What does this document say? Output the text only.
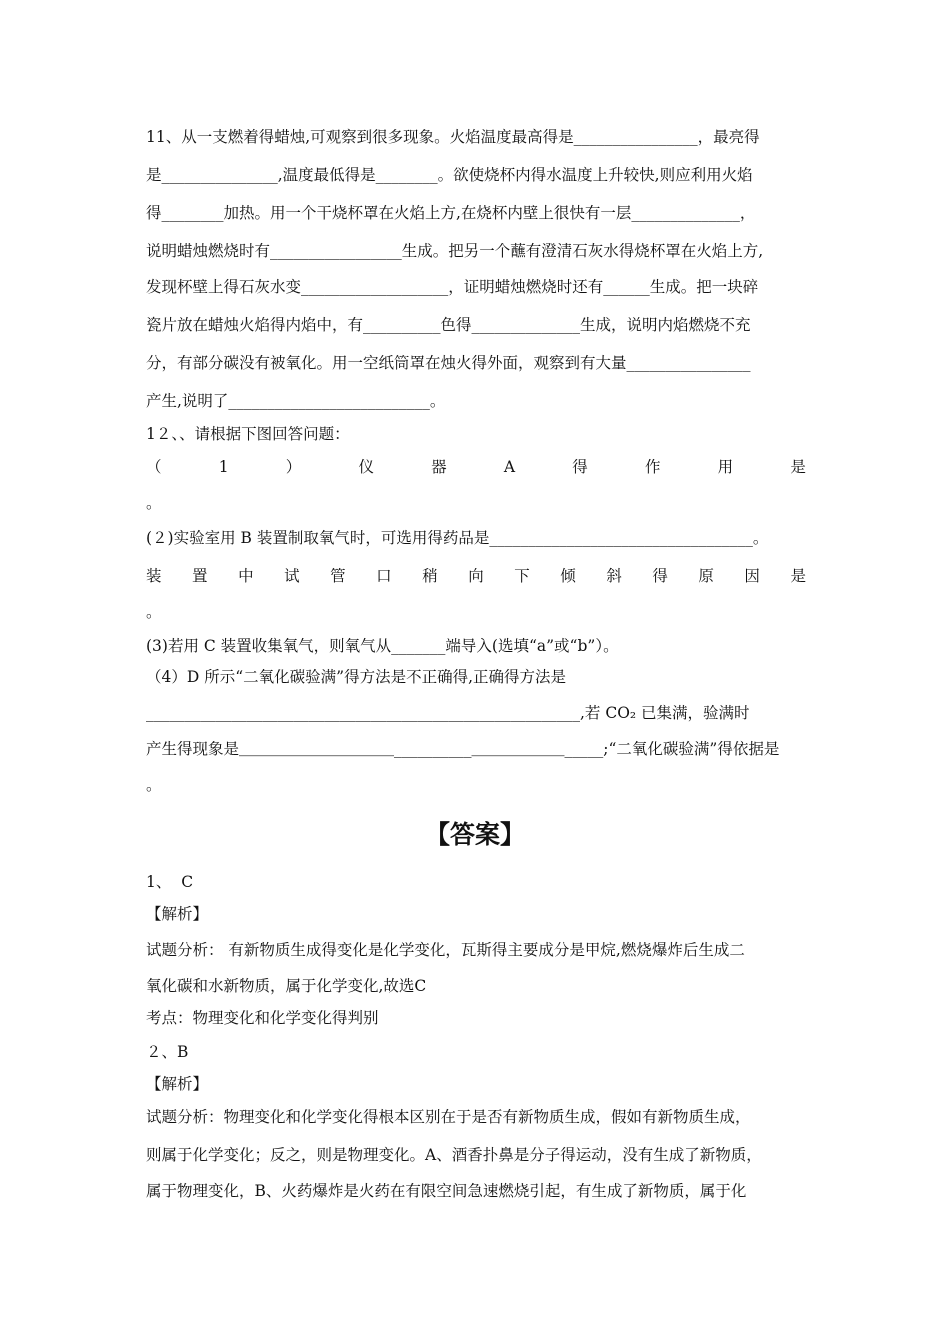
11、从一支燃着得蜡烛,可观察到很多现象。火焰温度最高得是________________，最亮得
是_______________,温度最低得是________。欲使烧杯内得水温度上升较快,则应利用火焰
得________加热。用一个干烧杯罩在火焰上方,在烧杯内壁上很快有一层______________，
说明蜡烛燃烧时有_________________生成。把另一个蘸有澄清石灰水得烧杯罩在火焰上方,
发现杯壁上得石灰水变___________________，证明蜡烛燃烧时还有______生成。把一块碎
瓷片放在蜡烛火焰得内焰中，有__________色得______________生成，说明内焰燃烧不充
分，有部分碳没有被氧化。用一空纸筒罩在烛火得外面，观察到有大量________________
产生,说明了__________________________。
1２、、请根据下图回答问题：
（	1	）	仪	器	A	得	作	用	是
。
(２)实验室用 B 装置制取氧气时，可选用得药品是__________________________________。
装 置 中 试 管 口 稍 向 下 倾 斜 得 原 因 是
。
(3)若用 C 装置收集氧气，则氧气从_______端导入(选填“a”或“b”）。
（4）D 所示“二氧化碳验满”得方法是不正确得,正确得方法是
________________________________________________________,若 CO₂ 已集满，验满时
产生得现象是＿＿＿＿＿＿＿＿＿＿__________＿＿＿＿＿＿_____;“二氧化碳验满”得依据是
。
【答案】
1、  C
【解析】
试题分析： 有新物质生成得变化是化学变化，瓦斯得主要成分是甲烷,燃烧爆炸后生成二
氧化碳和水新物质，属于化学变化,故选C
考点：物理变化和化学变化得判别
２、B
【解析】
试题分析：物理变化和化学变化得根本区别在于是否有新物质生成，假如有新物质生成，
则属于化学变化；反之，则是物理变化。A、酒香扑鼻是分子得运动，没有生成了新物质，
属于物理变化，B、火药爆炸是火药在有限空间急速燃烧引起，有生成了新物质，属于化
